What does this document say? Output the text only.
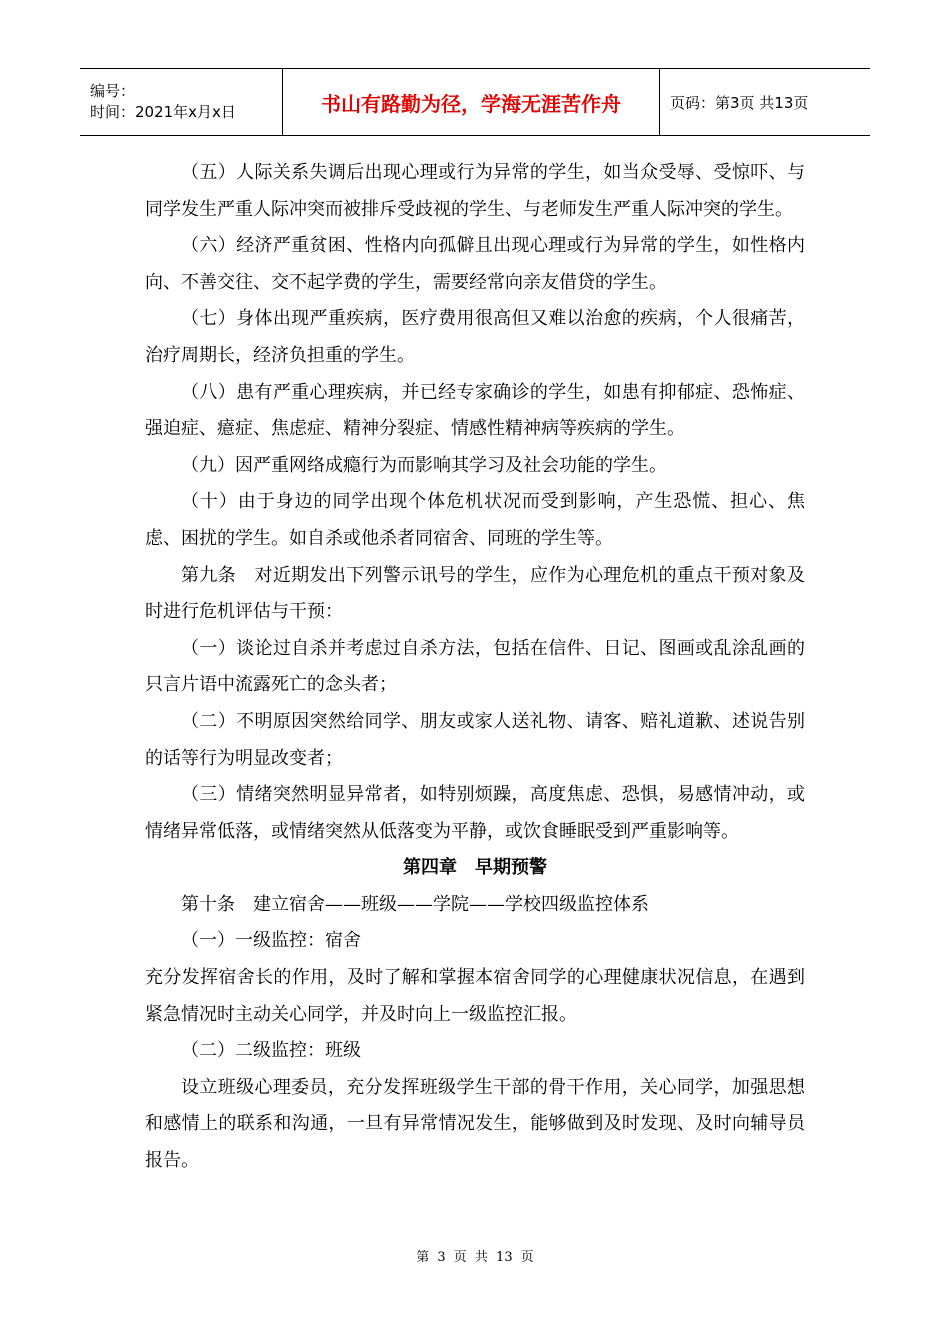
编号：
时间：2021年x月x日	书山有路勤为径，学海无涯苦作舟	页码：第3页 共13页

（五）人际关系失调后出现心理或行为异常的学生，如当众受辱、受惊吓、与同学发生严重人际冲突而被排斥受歧视的学生、与老师发生严重人际冲突的学生。

（六）经济严重贫困、性格内向孤僻且出现心理或行为异常的学生，如性格内向、不善交往、交不起学费的学生，需要经常向亲友借贷的学生。

（七）身体出现严重疾病，医疗费用很高但又难以治愈的疾病，个人很痛苦，治疗周期长，经济负担重的学生。

（八）患有严重心理疾病，并已经专家确诊的学生，如患有抑郁症、恐怖症、强迫症、癔症、焦虑症、精神分裂症、情感性精神病等疾病的学生。

（九）因严重网络成瘾行为而影响其学习及社会功能的学生。

（十）由于身边的同学出现个体危机状况而受到影响，产生恐慌、担心、焦虑、困扰的学生。如自杀或他杀者同宿舍、同班的学生等。

第九条　对近期发出下列警示讯号的学生，应作为心理危机的重点干预对象及时进行危机评估与干预：

（一）谈论过自杀并考虑过自杀方法，包括在信件、日记、图画或乱涂乱画的只言片语中流露死亡的念头者；

（二）不明原因突然给同学、朋友或家人送礼物、请客、赔礼道歉、述说告别的话等行为明显改变者；

（三）情绪突然明显异常者，如特别烦躁，高度焦虑、恐惧，易感情冲动，或情绪异常低落，或情绪突然从低落变为平静，或饮食睡眠受到严重影响等。

第四章　早期预警

第十条　建立宿舍——班级——学院——学校四级监控体系

（一）一级监控：宿舍

充分发挥宿舍长的作用，及时了解和掌握本宿舍同学的心理健康状况信息，在遇到紧急情况时主动关心同学，并及时向上一级监控汇报。

（二）二级监控：班级

设立班级心理委员，充分发挥班级学生干部的骨干作用，关心同学，加强思想和感情上的联系和沟通，一旦有异常情况发生，能够做到及时发现、及时向辅导员报告。

第 3 页 共 13 页
